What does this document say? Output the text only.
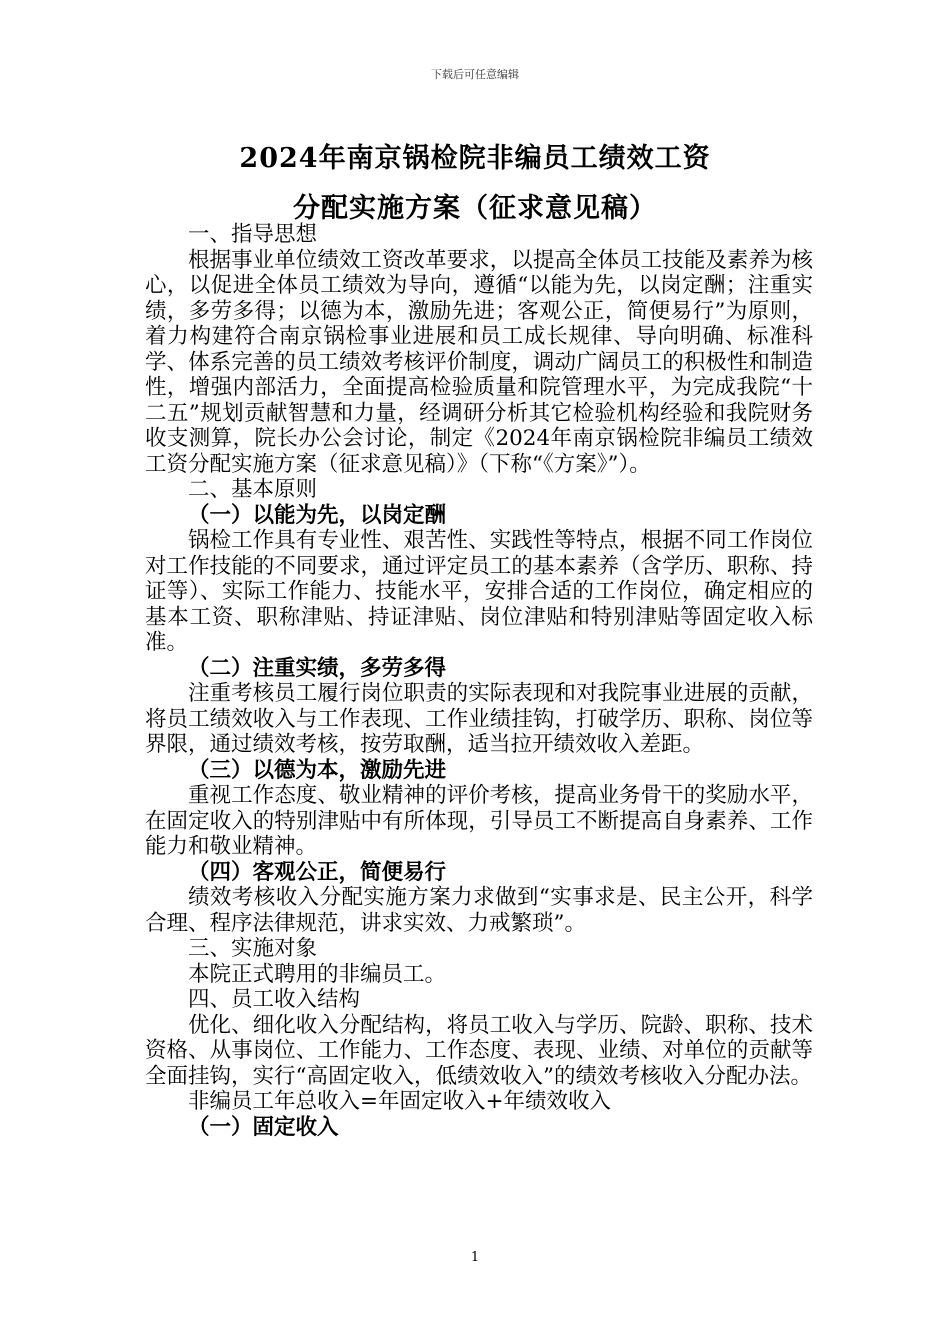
下载后可任意编辑
2024年南京锅检院非编员工绩效工资
分配实施方案（征求意见稿）

一、指导思想

根据事业单位绩效工资改革要求，以提高全体员工技能及素养为核心，以促进全体员工绩效为导向，遵循“以能为先，以岗定酬；注重实绩，多劳多得；以德为本，激励先进；客观公正，简便易行”为原则，着力构建符合南京锅检事业进展和员工成长规律、导向明确、标准科学、体系完善的员工绩效考核评价制度，调动广阔员工的积极性和制造性，增强内部活力，全面提高检验质量和院管理水平，为完成我院“十二五”规划贡献智慧和力量，经调研分析其它检验机构经验和我院财务收支测算，院长办公会讨论，制定《2024年南京锅检院非编员工绩效工资分配实施方案（征求意见稿）》（下称“《方案》”）。

二、基本原则

（一）以能为先，以岗定酬

锅检工作具有专业性、艰苦性、实践性等特点，根据不同工作岗位对工作技能的不同要求，通过评定员工的基本素养（含学历、职称、持证等）、实际工作能力、技能水平，安排合适的工作岗位，确定相应的基本工资、职称津贴、持证津贴、岗位津贴和特别津贴等固定收入标准。

（二）注重实绩，多劳多得

注重考核员工履行岗位职责的实际表现和对我院事业进展的贡献，将员工绩效收入与工作表现、工作业绩挂钩，打破学历、职称、岗位等界限，通过绩效考核，按劳取酬，适当拉开绩效收入差距。

（三）以德为本，激励先进

重视工作态度、敬业精神的评价考核，提高业务骨干的奖励水平，在固定收入的特别津贴中有所体现，引导员工不断提高自身素养、工作能力和敬业精神。

（四）客观公正，简便易行

绩效考核收入分配实施方案力求做到“实事求是、民主公开，科学合理、程序法律规范，讲求实效、力戒繁琐”。

三、实施对象

本院正式聘用的非编员工。

四、员工收入结构

优化、细化收入分配结构，将员工收入与学历、院龄、职称、技术资格、从事岗位、工作能力、工作态度、表现、业绩、对单位的贡献等全面挂钩，实行“高固定收入，低绩效收入”的绩效考核收入分配办法。

非编员工年总收入=年固定收入+年绩效收入

（一）固定收入

1
